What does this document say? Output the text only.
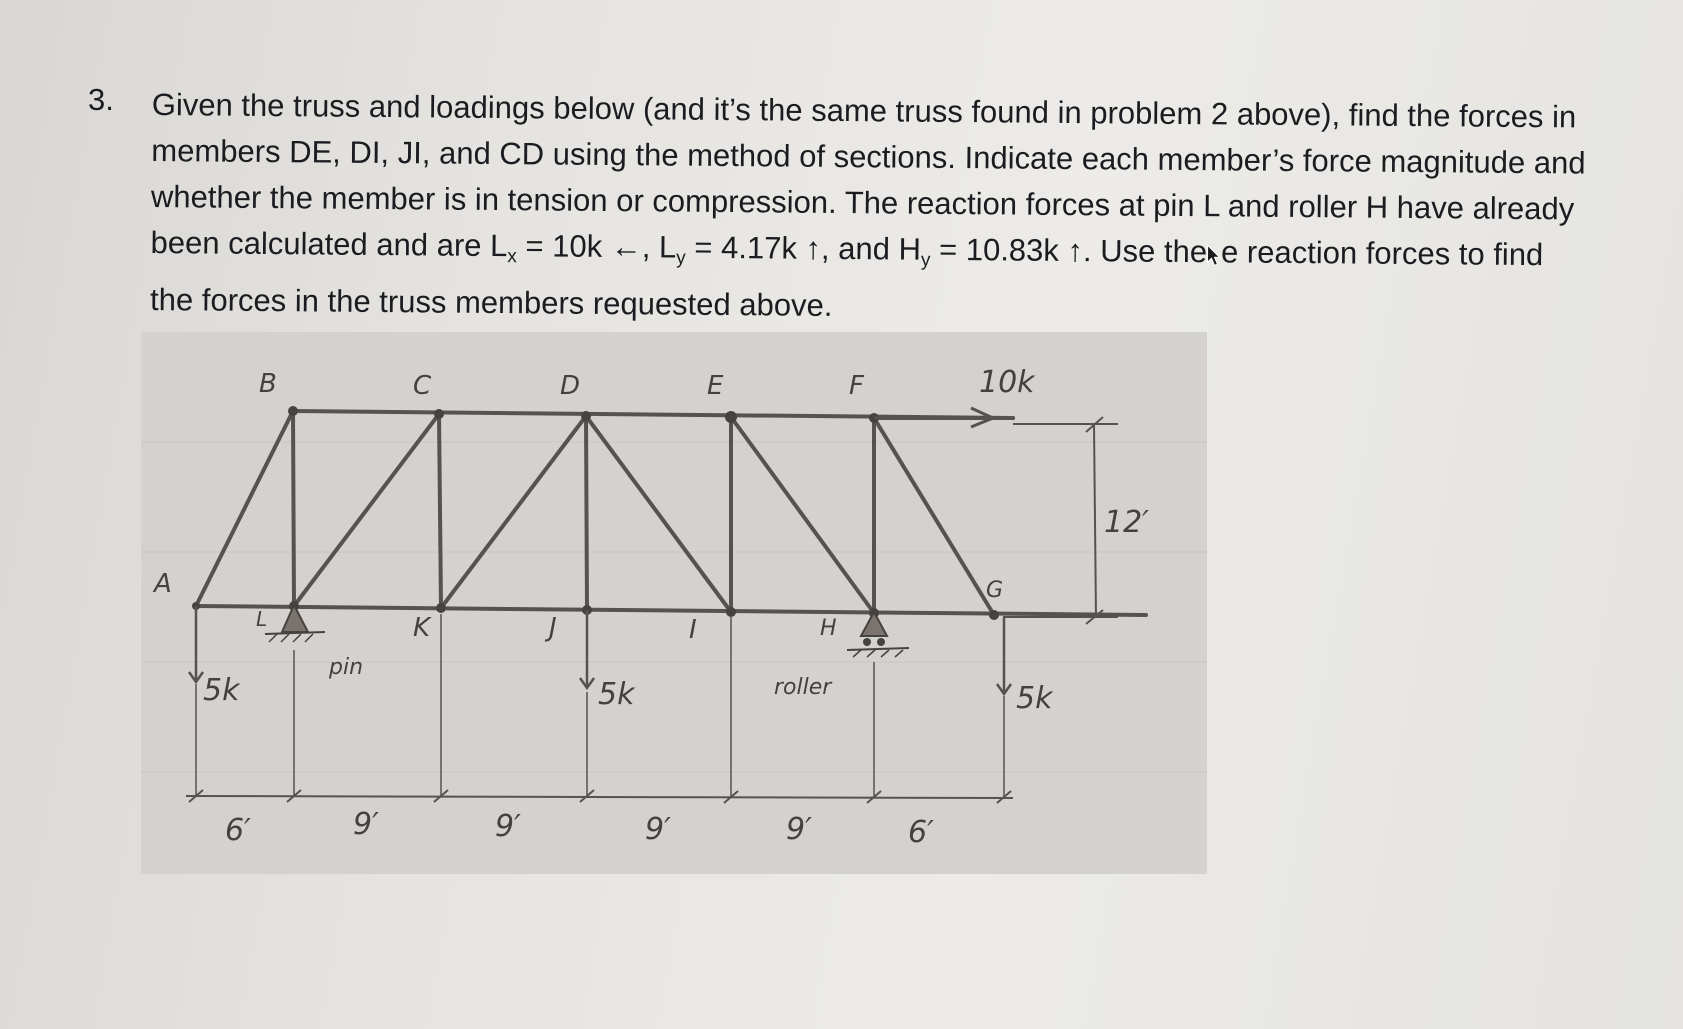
3. Given the truss and loadings below (and it’s the same truss found in problem 2 above), find the forces in members DE, DI, JI, and CD using the method of sections. Indicate each member’s force magnitude and whether the member is in tension or compression. The reaction forces at pin L and roller H have already been calculated and are $L_x = 10k$ ←, $L_y = 4.17k$ ↑, and $H_y = 10.83k$ ↑. Use the e reaction forces to find the forces in the truss members requested above.
B	C	D	E	F
A	G
L	K	J	I	H
pin
roller
10k
5k	5k	5k
12′
6′	9′	9′	9′	9′	6′
